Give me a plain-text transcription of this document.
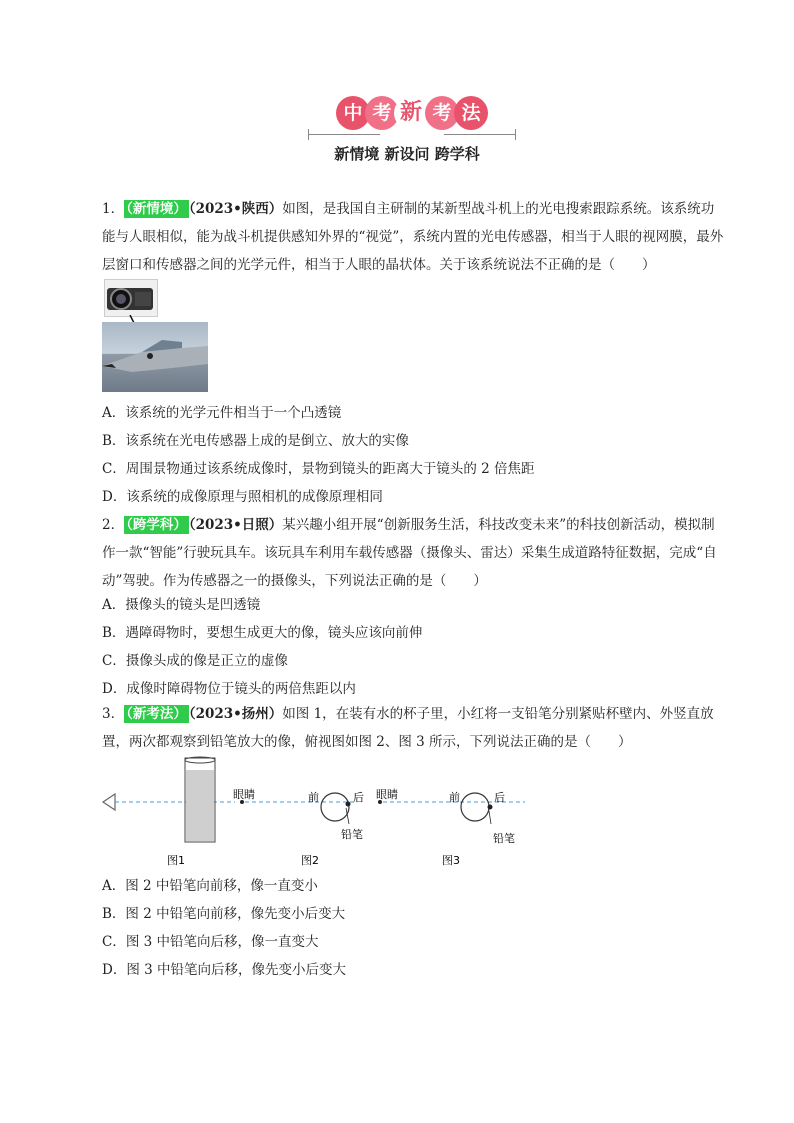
中 考 新 考 法
新情境 新设问 跨学科
1． （新情境） （2023•陕西）如图，是我国自主研制的某新型战斗机上的光电搜索跟踪系统。该系统功能与人眼相似，能为战斗机提供感知外界的“视觉”，系统内置的光电传感器，相当于人眼的视网膜，最外层窗口和传感器之间的光学元件，相当于人眼的晶状体。关于该系统说法不正确的是（　　）
A．该系统的光学元件相当于一个凸透镜
B．该系统在光电传感器上成的是倒立、放大的实像
C．周围景物通过该系统成像时，景物到镜头的距离大于镜头的 2 倍焦距
D．该系统的成像原理与照相机的成像原理相同
2． （跨学科） （2023•日照）某兴趣小组开展“创新服务生活，科技改变未来”的科技创新活动，模拟制作一款“智能”行驶玩具车。该玩具车利用车载传感器（摄像头、雷达）采集生成道路特征数据，完成“自动”驾驶。作为传感器之一的摄像头，下列说法正确的是（　　）
A．摄像头的镜头是凹透镜
B．遇障碍物时，要想生成更大的像，镜头应该向前伸
C．摄像头成的像是正立的虚像
D．成像时障碍物位于镜头的两倍焦距以内
3． （新考法） （2023•扬州）如图 1，在装有水的杯子里，小红将一支铅笔分别紧贴杯壁内、外竖直放置，两次都观察到铅笔放大的像，俯视图如图 2、图 3 所示，下列说法正确的是（　　）
图1
眼睛	前	后
铅笔
图2
眼睛	前	后
铅笔
图3
A．图 2 中铅笔向前移，像一直变小
B．图 2 中铅笔向前移，像先变小后变大
C．图 3 中铅笔向后移，像一直变大
D．图 3 中铅笔向后移，像先变小后变大
